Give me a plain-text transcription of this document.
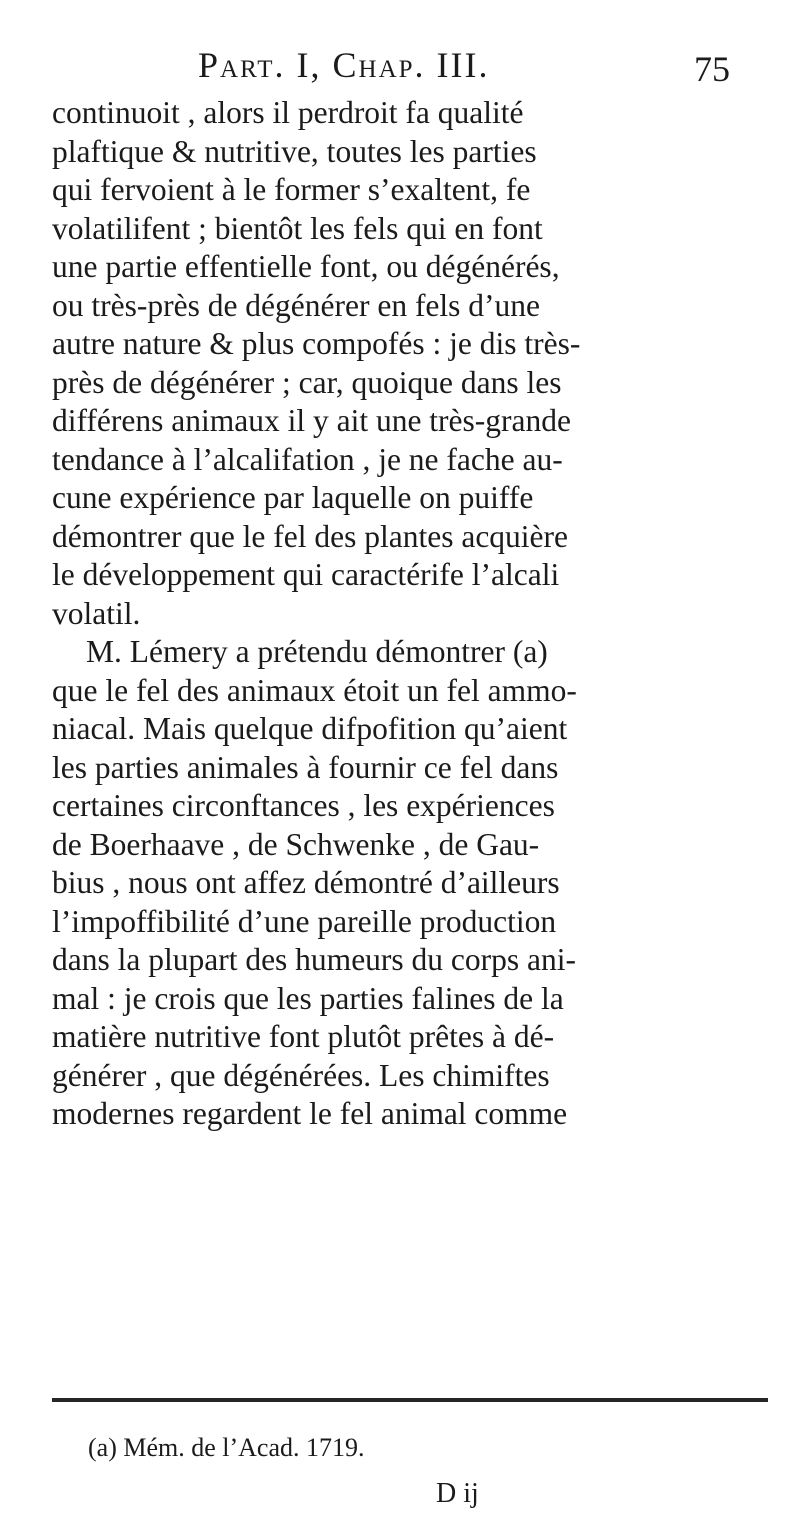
Part. I, Chap. III.	75
continuoit , alors il perdroit fa qualité
plaftique & nutritive, toutes les parties
qui fervoient à le former s’exaltent, fe
volatilifent ; bientôt les fels qui en font
une partie effentielle font, ou dégénérés,
ou très-près de dégénérer en fels d’une
autre nature & plus compofés : je dis très-
près de dégénérer ; car, quoique dans les
différens animaux il y ait une très-grande
tendance à l’alcalifation , je ne fache au-
cune expérience par laquelle on puiffe
démontrer que le fel des plantes acquière
le développement qui caractérife l’alcali
volatil.
M. Lémery a prétendu démontrer (a)
que le fel des animaux étoit un fel ammo-
niacal. Mais quelque difpofition qu’aient
les parties animales à fournir ce fel dans
certaines circonftances , les expériences
de Boerhaave , de Schwenke , de Gau-
bius , nous ont affez démontré d’ailleurs
l’impoffibilité d’une pareille production
dans la plupart des humeurs du corps ani-
mal : je crois que les parties falines de la
matière nutritive font plutôt prêtes à dé-
générer , que dégénérées. Les chimiftes
modernes regardent le fel animal comme
(a) Mém. de l’Acad. 1719.
D ij
